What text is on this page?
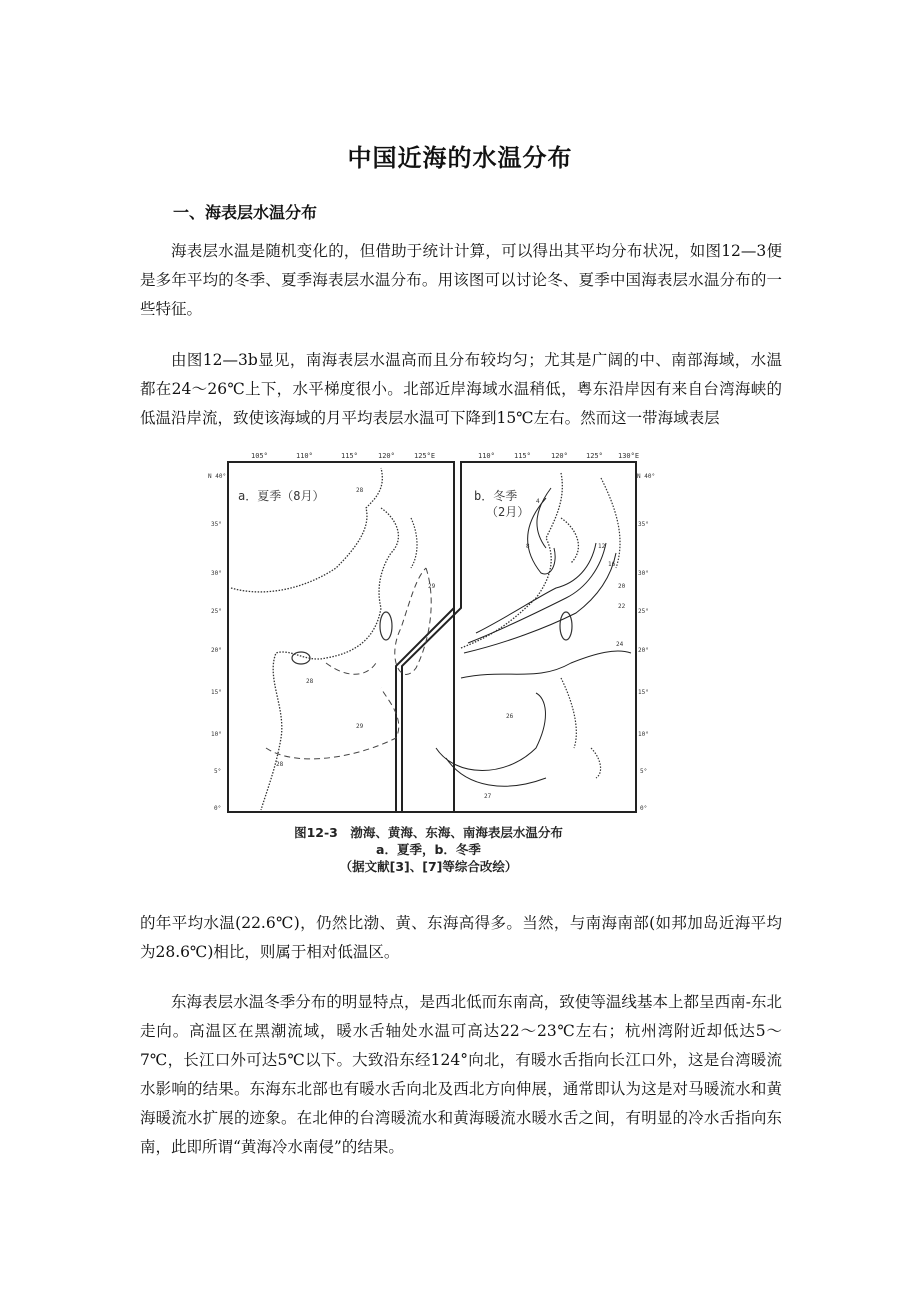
中国近海的水温分布
一、海表层水温分布

海表层水温是随机变化的，但借助于统计计算，可以得出其平均分布状况，如图12—3便是多年平均的冬季、夏季海表层水温分布。用该图可以讨论冬、夏季中国海表层水温分布的一些特征。

由图12—3b显见，南海表层水温高而且分布较均匀；尤其是广阔的中、南部海域，水温都在24～26℃上下，水平梯度很小。北部近岸海域水温稍低，粤东沿岸因有来自台湾海峡的低温沿岸流，致使该海域的月平均表层水温可下降到15℃左右。然而这一带海域表层

105°	110°	115°	120°	125°E
N 40°
35°
30°
25°
20°
15°
10°
5°
0°
110°	115°	120°	125° 130°E
N 40°
35°
30°
25°
20°
15°
10°
5°
0°
a．夏季（8月）	b．冬季
（2月）
28
29
28
29
28
4
8	12
16
20
22
24
26
27
图12-3　渤海、黄海、东海、南海表层水温分布
a．夏季，b．冬季
（据文献[3]、[7]等综合改绘）

的年平均水温(22.6℃)，仍然比渤、黄、东海高得多。当然，与南海南部(如邦加岛近海平均为28.6℃)相比，则属于相对低温区。

东海表层水温冬季分布的明显特点，是西北低而东南高，致使等温线基本上都呈西南-东北走向。高温区在黑潮流域，暖水舌轴处水温可高达22～23℃左右；杭州湾附近却低达5～7℃，长江口外可达5℃以下。大致沿东经124°向北，有暖水舌指向长江口外，这是台湾暖流水影响的结果。东海东北部也有暖水舌向北及西北方向伸展，通常即认为这是对马暖流水和黄海暖流水扩展的迹象。在北伸的台湾暖流水和黄海暖流水暖水舌之间，有明显的冷水舌指向东南，此即所谓“黄海冷水南侵”的结果。
